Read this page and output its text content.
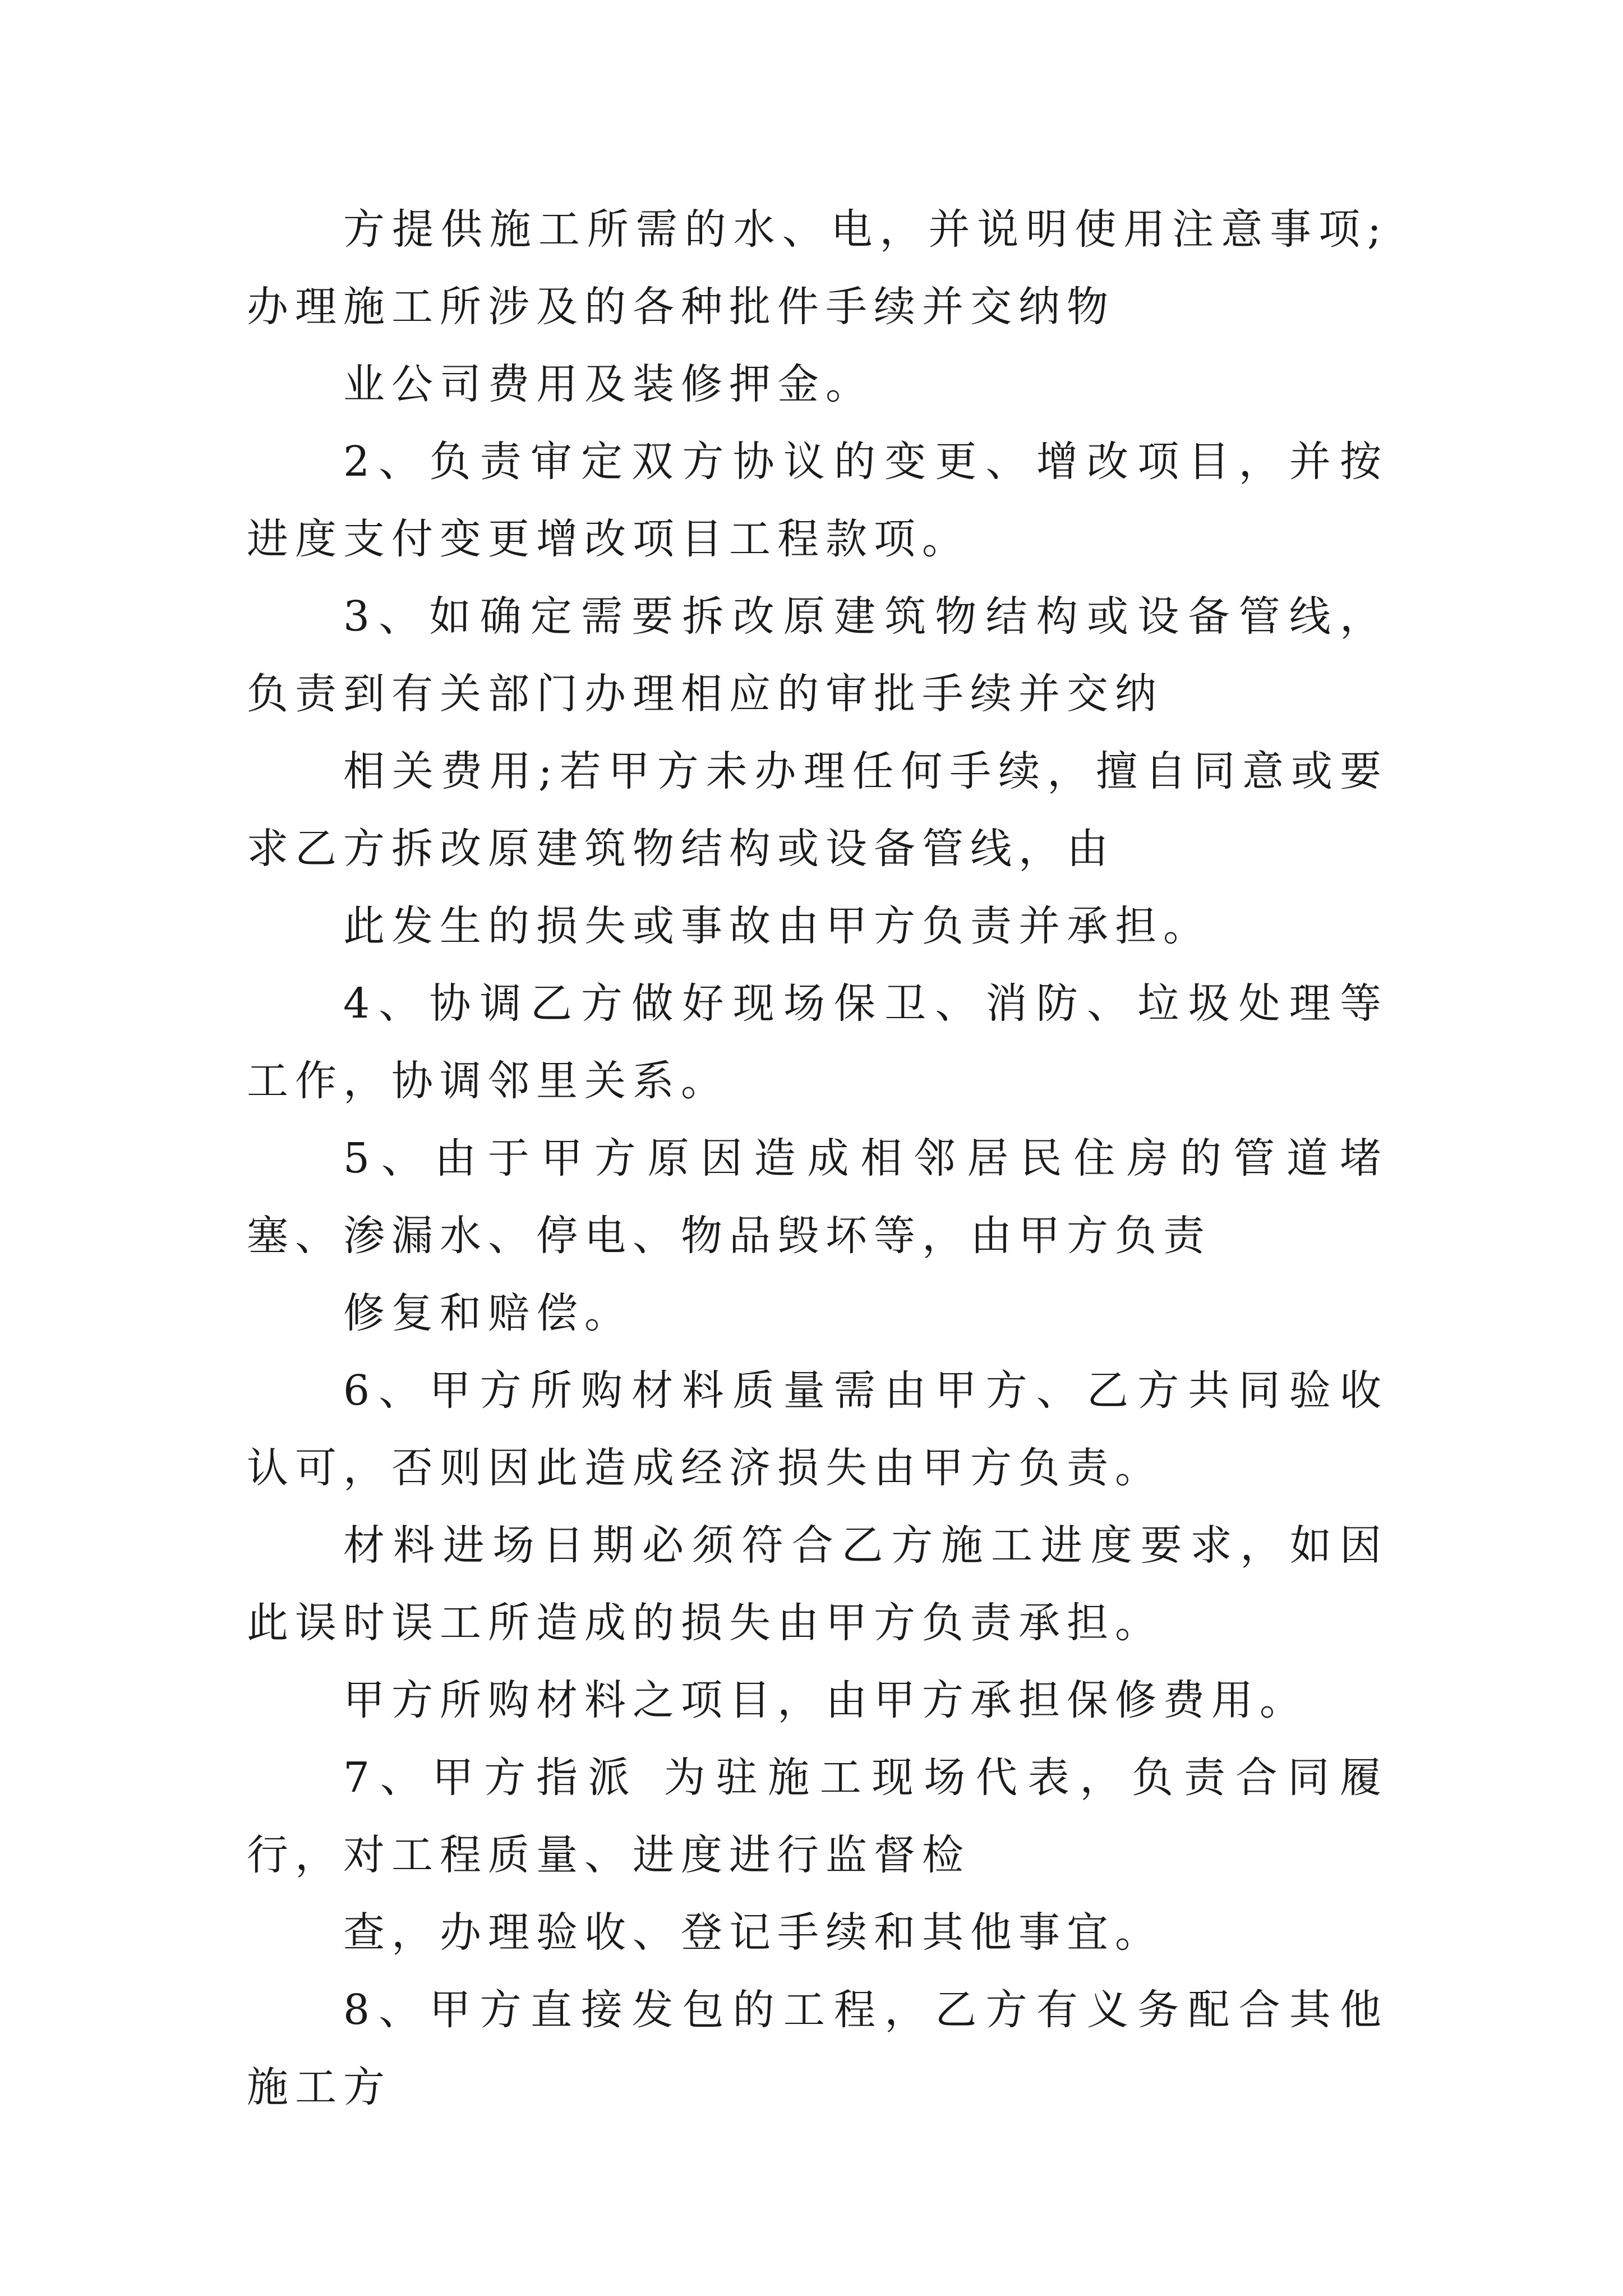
方提供施工所需的水、电，并说明使用注意事项;办理施工所涉及的各种批件手续并交纳物

业公司费用及装修押金。

2、负责审定双方协议的变更、增改项目，并按进度支付变更增改项目工程款项。

3、如确定需要拆改原建筑物结构或设备管线，负责到有关部门办理相应的审批手续并交纳

相关费用;若甲方未办理任何手续，擅自同意或要求乙方拆改原建筑物结构或设备管线，由

此发生的损失或事故由甲方负责并承担。

4、协调乙方做好现场保卫、消防、垃圾处理等工作，协调邻里关系。

5、由于甲方原因造成相邻居民住房的管道堵塞、渗漏水、停电、物品毁坏等，由甲方负责

修复和赔偿。

6、甲方所购材料质量需由甲方、乙方共同验收认可，否则因此造成经济损失由甲方负责。

材料进场日期必须符合乙方施工进度要求，如因此误时误工所造成的损失由甲方负责承担。

甲方所购材料之项目，由甲方承担保修费用。

7、甲方指派 为驻施工现场代表，负责合同履行，对工程质量、进度进行监督检

查，办理验收、登记手续和其他事宜。

8、甲方直接发包的工程，乙方有义务配合其他施工方
